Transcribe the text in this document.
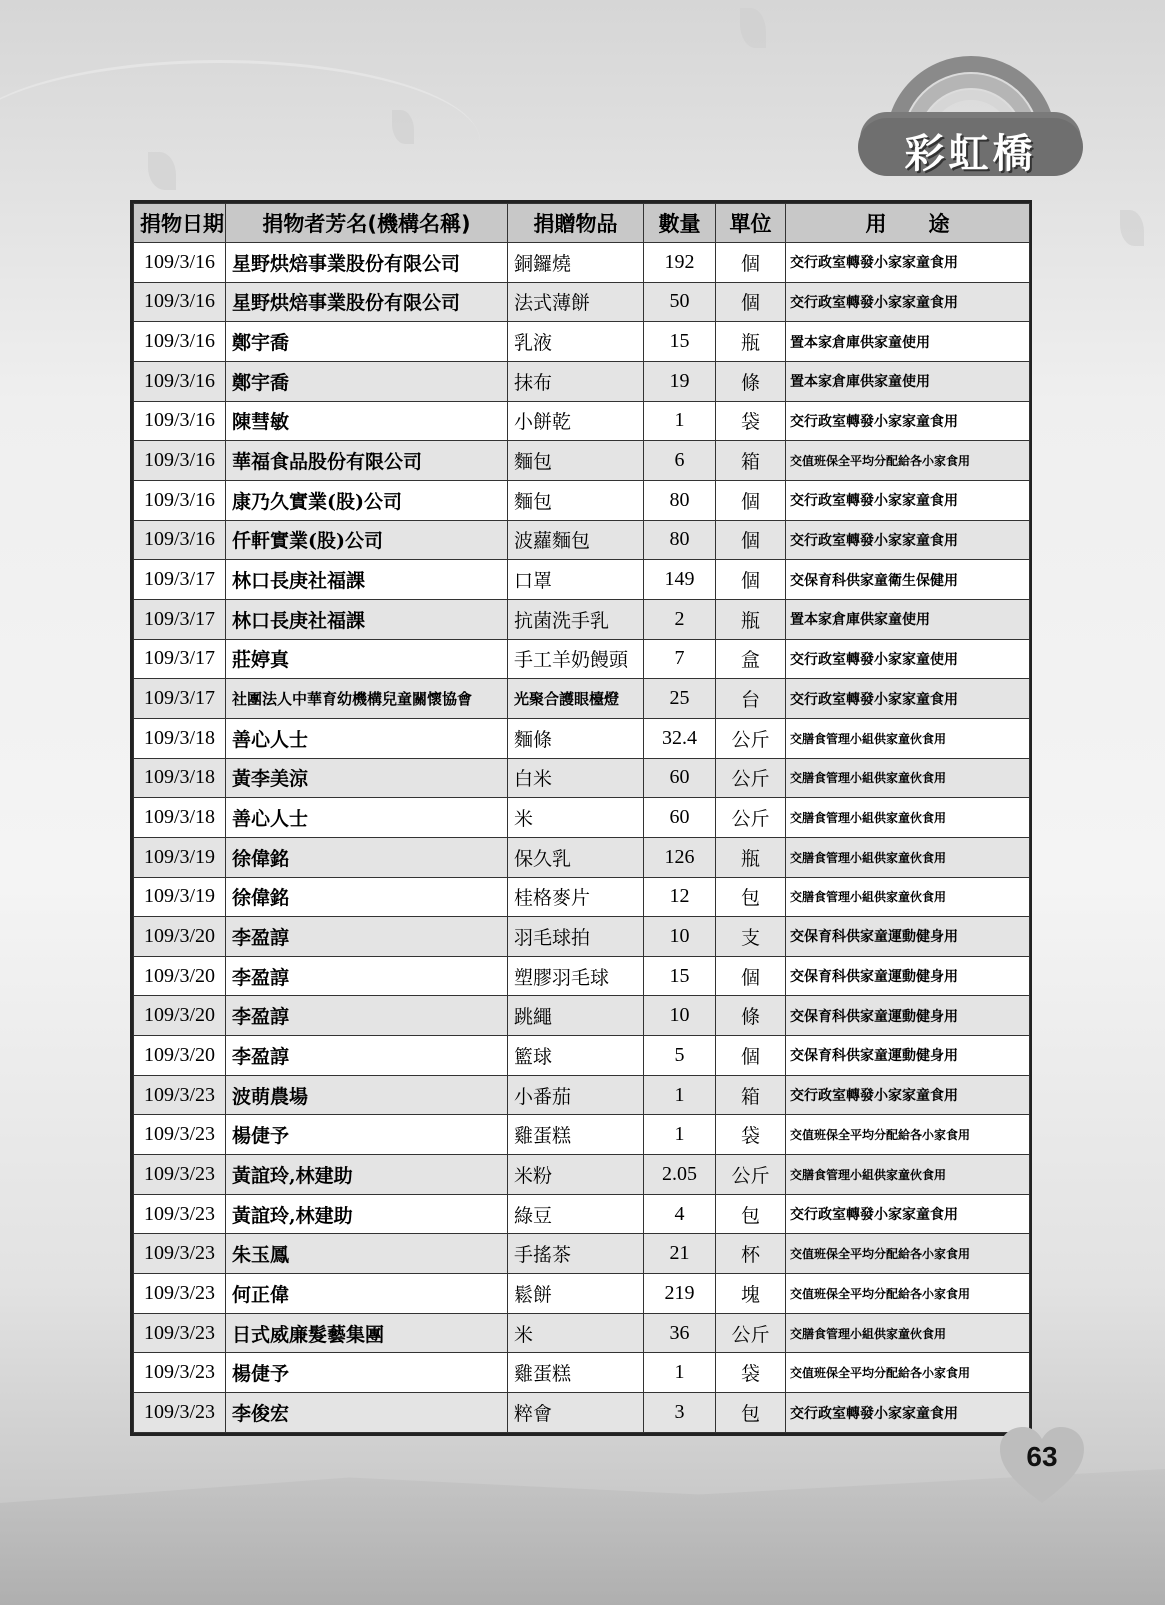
彩虹橋
捐物日期	捐物者芳名(機構名稱)	捐贈物品	數量	單位	用　　途
109/3/16	星野烘焙事業股份有限公司	銅鑼燒	192	個	交行政室轉發小家家童食用
109/3/16	星野烘焙事業股份有限公司	法式薄餅	50	個	交行政室轉發小家家童食用
109/3/16	鄭宇喬	乳液	15	瓶	置本家倉庫供家童使用
109/3/16	鄭宇喬	抹布	19	條	置本家倉庫供家童使用
109/3/16	陳彗敏	小餅乾	1	袋	交行政室轉發小家家童食用
109/3/16	華福食品股份有限公司	麵包	6	箱	交值班保全平均分配給各小家食用
109/3/16	康乃久實業(股)公司	麵包	80	個	交行政室轉發小家家童食用
109/3/16	仟軒實業(股)公司	波蘿麵包	80	個	交行政室轉發小家家童食用
109/3/17	林口長庚社福課	口罩	149	個	交保育科供家童衛生保健用
109/3/17	林口長庚社福課	抗菌洗手乳	2	瓶	置本家倉庫供家童使用
109/3/17	莊婷真	手工羊奶饅頭	7	盒	交行政室轉發小家家童使用
109/3/17	社團法人中華育幼機構兒童關懷協會	光聚合護眼檯燈	25	台	交行政室轉發小家家童食用
109/3/18	善心人士	麵條	32.4	公斤	交膳食管理小組供家童伙食用
109/3/18	黃李美涼	白米	60	公斤	交膳食管理小組供家童伙食用
109/3/18	善心人士	米	60	公斤	交膳食管理小組供家童伙食用
109/3/19	徐偉銘	保久乳	126	瓶	交膳食管理小組供家童伙食用
109/3/19	徐偉銘	桂格麥片	12	包	交膳食管理小組供家童伙食用
109/3/20	李盈諄	羽毛球拍	10	支	交保育科供家童運動健身用
109/3/20	李盈諄	塑膠羽毛球	15	個	交保育科供家童運動健身用
109/3/20	李盈諄	跳繩	10	條	交保育科供家童運動健身用
109/3/20	李盈諄	籃球	5	個	交保育科供家童運動健身用
109/3/23	波萌農場	小番茄	1	箱	交行政室轉發小家家童食用
109/3/23	楊倢予	雞蛋糕	1	袋	交值班保全平均分配給各小家食用
109/3/23	黃誼玲,林建助	米粉	2.05	公斤	交膳食管理小組供家童伙食用
109/3/23	黃誼玲,林建助	綠豆	4	包	交行政室轉發小家家童食用
109/3/23	朱玉鳳	手搖茶	21	杯	交值班保全平均分配給各小家食用
109/3/23	何正偉	鬆餅	219	塊	交值班保全平均分配給各小家食用
109/3/23	日式威廉髮藝集團	米	36	公斤	交膳食管理小組供家童伙食用
109/3/23	楊倢予	雞蛋糕	1	袋	交值班保全平均分配給各小家食用
109/3/23	李俊宏	粹會	3	包	交行政室轉發小家家童食用
63
